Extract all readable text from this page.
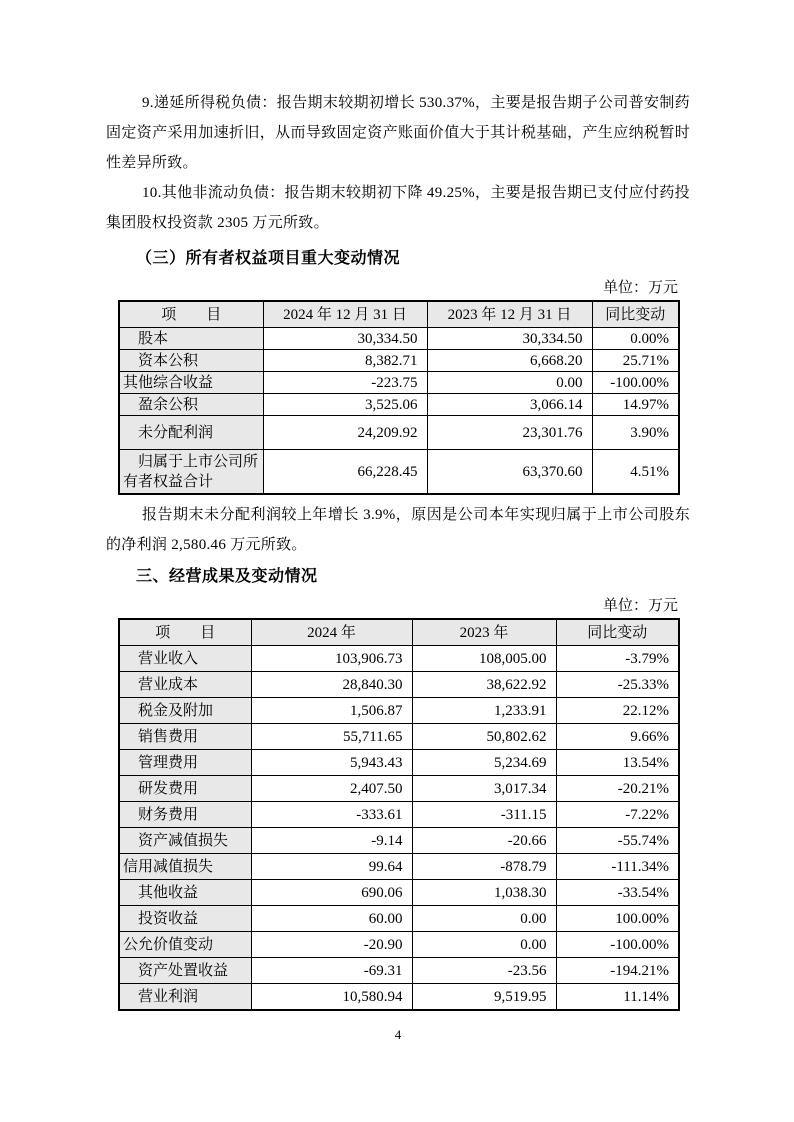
9.递延所得税负债：报告期末较期初增长 530.37%，主要是报告期子公司普安制药固定资产采用加速折旧，从而导致固定资产账面价值大于其计税基础，产生应纳税暂时性差异所致。

10.其他非流动负债：报告期末较期初下降 49.25%，主要是报告期已支付应付药投集团股权投资款 2305 万元所致。

（三）所有者权益项目重大变动情况
单位：万元
项　　目	2024 年 12 月 31 日	2023 年 12 月 31 日	同比变动
　股本	30,334.50	30,334.50	0.00%
　资本公积	8,382.71	6,668.20	25.71%
其他综合收益	-223.75	0.00	-100.00%
　盈余公积	3,525.06	3,066.14	14.97%
　未分配利润	24,209.92	23,301.76	3.90%
　归属于上市公司所有者权益合计	66,228.45	63,370.60	4.51%

报告期末未分配利润较上年增长 3.9%，原因是公司本年实现归属于上市公司股东的净利润 2,580.46 万元所致。

三、经营成果及变动情况
单位：万元
项　　目	2024 年	2023 年	同比变动
　营业收入	103,906.73	108,005.00	-3.79%
　营业成本	28,840.30	38,622.92	-25.33%
　税金及附加	1,506.87	1,233.91	22.12%
　销售费用	55,711.65	50,802.62	9.66%
　管理费用	5,943.43	5,234.69	13.54%
　研发费用	2,407.50	3,017.34	-20.21%
　财务费用	-333.61	-311.15	-7.22%
　资产减值损失	-9.14	-20.66	-55.74%
信用减值损失	99.64	-878.79	-111.34%
　其他收益	690.06	1,038.30	-33.54%
　投资收益	60.00	0.00	100.00%
公允价值变动	-20.90	0.00	-100.00%
　资产处置收益	-69.31	-23.56	-194.21%
　营业利润	10,580.94	9,519.95	11.14%
4
